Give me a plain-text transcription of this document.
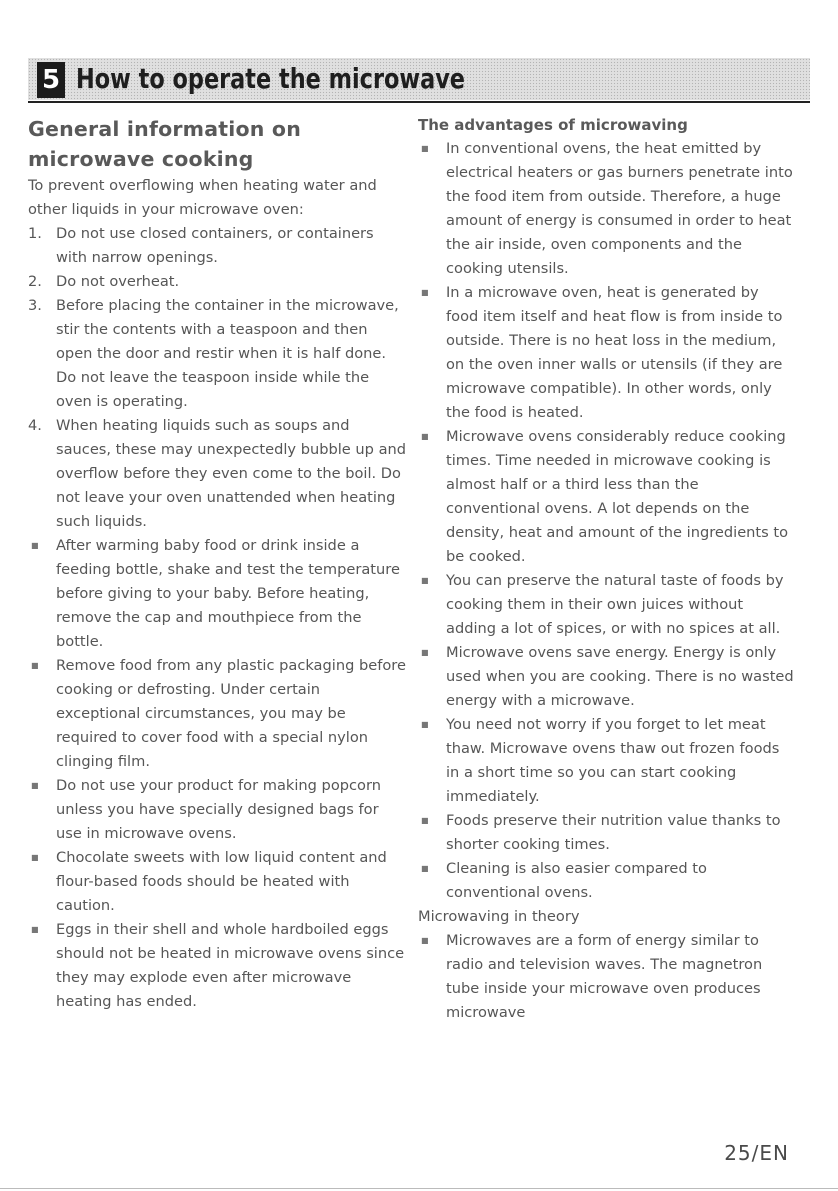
5 How to operate the microwave
General information on
microwave cooking

To prevent overflowing when heating water and other liquids in your microwave oven:

1. Do not use closed containers, or containers with narrow openings.
2. Do not overheat.
3. Before placing the container in the microwave, stir the contents with a teaspoon and then open the door and restir when it is half done. Do not leave the teaspoon inside while the oven is operating.
4. When heating liquids such as soups and sauces, these may unexpectedly bubble up and overflow before they even come to the boil. Do not leave your oven unattended when heating such liquids.
■ After warming baby food or drink inside a feeding bottle, shake and test the temperature before giving to your baby. Before heating, remove the cap and mouthpiece from the bottle.
■ Remove food from any plastic packaging before cooking or defrosting. Under certain exceptional circumstances, you may be required to cover food with a special nylon clinging film.
■ Do not use your product for making popcorn unless you have specially designed bags for use in microwave ovens.
■ Chocolate sweets with low liquid content and flour-based foods should be heated with caution.
■ Eggs in their shell and whole hardboiled eggs should not be heated in microwave ovens since they may explode even after microwave heating has ended.
The advantages of microwaving
■ In conventional ovens, the heat emitted by electrical heaters or gas burners penetrate into the food item from outside. Therefore, a huge amount of energy is consumed in order to heat the air inside, oven components and the cooking utensils.
■ In a microwave oven, heat is generated by food item itself and heat flow is from inside to outside. There is no heat loss in the medium, on the oven inner walls or utensils (if they are microwave compatible). In other words, only the food is heated.
■ Microwave ovens considerably reduce cooking times. Time needed in microwave cooking is almost half or a third less than the conventional ovens. A lot depends on the density, heat and amount of the ingredients to be cooked.
■ You can preserve the natural taste of foods by cooking them in their own juices without adding a lot of spices, or with no spices at all.
■ Microwave ovens save energy. Energy is only used when you are cooking. There is no wasted energy with a microwave.
■ You need not worry if you forget to let meat thaw. Microwave ovens thaw out frozen foods in a short time so you can start cooking immediately.
■ Foods preserve their nutrition value thanks to shorter cooking times.
■ Cleaning is also easier compared to conventional ovens.

Microwaving in theory

■ Microwaves are a form of energy similar to radio and television waves. The magnetron tube inside your microwave oven produces microwave
25/EN
